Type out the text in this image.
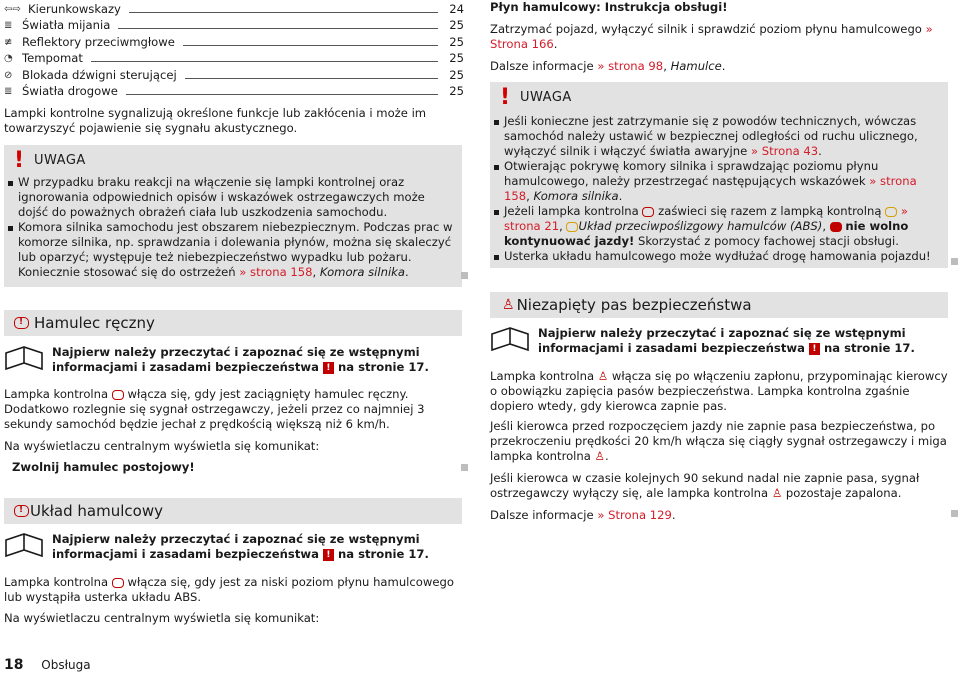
⇦⇨ Kierunkowskazy	24
≣ Światła mijania	25
≢ Reflektory przeciwmgłowe	25
◔ Tempomat	25
⊘ Blokada dźwigni sterującej	25
≣ Światła drogowe	25

Lampki kontrolne sygnalizują określone funkcje lub zakłócenia i może im towarzyszyć pojawienie się sygnału akustycznego.

! UWAGA

W przypadku braku reakcji na włączenie się lampki kontrolnej oraz ignorowania odpowiednich opisów i wskazówek ostrzegawczych może dojść do poważnych obrażeń ciała lub uszkodzenia samochodu.

Komora silnika samochodu jest obszarem niebezpiecznym. Podczas prac w komorze silnika, np. sprawdzania i dolewania płynów, można się skaleczyć lub oparzyć; występuje też niebezpieczeństwo wypadku lub pożaru. Koniecznie stosować się do ostrzeżeń » strona 158, Komora silnika.

!
Hamulec ręczny

Najpierw należy przeczytać i zapoznać się ze wstępnymi informacjami i zasadami bezpieczeństwa ! na stronie 17.

Lampka kontrolna włącza się, gdy jest zaciągnięty hamulec ręczny. Dodatkowo rozlegnie się sygnał ostrzegawczy, jeżeli przez co najmniej 3 sekundy samochód będzie jechał z prędkością większą niż 6 km/h.

Na wyświetlaczu centralnym wyświetla się komunikat:

Zwolnij hamulec postojowy!

!
Układ hamulcowy

Najpierw należy przeczytać i zapoznać się ze wstępnymi informacjami i zasadami bezpieczeństwa ! na stronie 17.

Lampka kontrolna włącza się, gdy jest za niski poziom płynu hamulcowego lub wystąpiła usterka układu ABS.

Na wyświetlaczu centralnym wyświetla się komunikat:

Płyn hamulcowy: Instrukcja obsługi!

Zatrzymać pojazd, wyłączyć silnik i sprawdzić poziom płynu hamulcowego » Strona 166.

Dalsze informacje » strona 98, Hamulce.

! UWAGA

Jeśli konieczne jest zatrzymanie się z powodów technicznych, wówczas samochód należy ustawić w bezpiecznej odległości od ruchu ulicznego, wyłączyć silnik i włączyć światła awaryjne » Strona 43.

Otwierając pokrywę komory silnika i sprawdzając poziomu płynu hamulcowego, należy przestrzegać następujących wskazówek » strona 158, Komora silnika.

Jeżeli lampka kontrolna zaświeci się razem z lampką kontrolną » strona 21, Układ przeciwpoślizgowy hamulców (ABS),  nie wolno kontynuować jazdy! Skorzystać z pomocy fachowej stacji obsługi.

Usterka układu hamulcowego może wydłużać drogę hamowania pojazdu!

♙ Niezapięty pas bezpieczeństwa

Najpierw należy przeczytać i zapoznać się ze wstępnymi informacjami i zasadami bezpieczeństwa ! na stronie 17.

Lampka kontrolna ♙ włącza się po włączeniu zapłonu, przypominając kierowcy o obowiązku zapięcia pasów bezpieczeństwa. Lampka kontrolna zgaśnie dopiero wtedy, gdy kierowca zapnie pas.

Jeśli kierowca przed rozpoczęciem jazdy nie zapnie pasa bezpieczeństwa, po przekroczeniu prędkości 20 km/h włącza się ciągły sygnał ostrzegawczy i miga lampka kontrolna ♙.

Jeśli kierowca w czasie kolejnych 90 sekund nadal nie zapnie pasa, sygnał ostrzegawczy wyłączy się, ale lampka kontrolna ♙ pozostaje zapalona.

Dalsze informacje » Strona 129.

18 Obsługa
